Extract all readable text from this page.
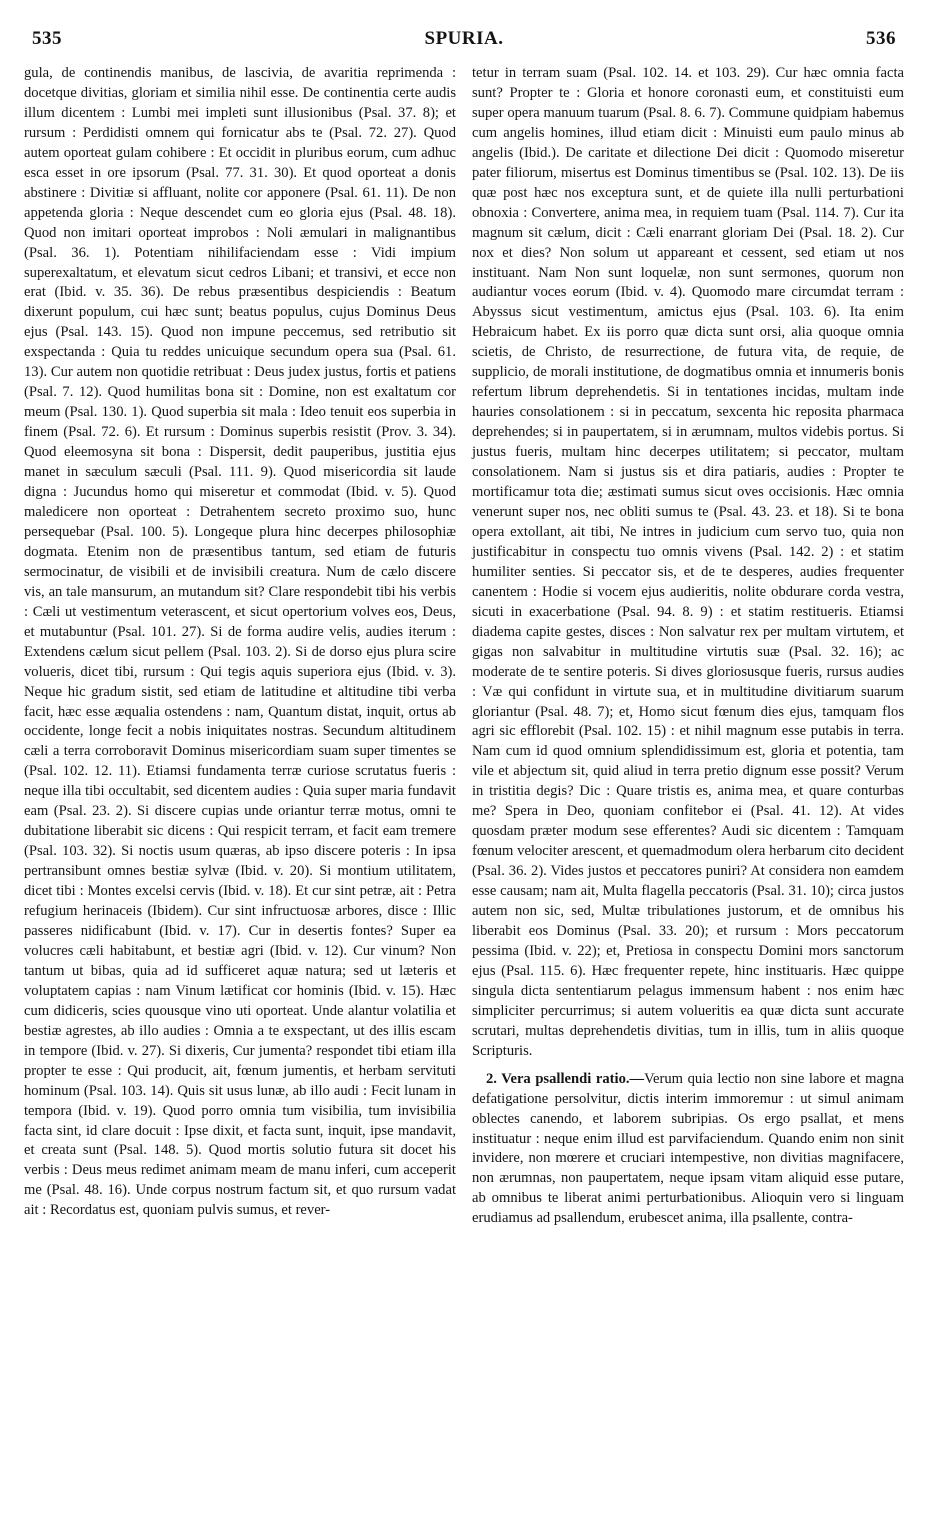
535	SPURIA.	536

gula, de continendis manibus, de lascivia, de avaritia reprimenda : docetque divitias, gloriam et similia nihil esse. De continentia certe audis illum dicentem : Lumbi mei impleti sunt illusionibus (Psal. 37. 8); et rursum : Perdidisti omnem qui fornicatur abs te (Psal. 72. 27). Quod autem oporteat gulam cohibere : Et occidit in pluribus eorum, cum adhuc esca esset in ore ipsorum (Psal. 77. 31. 30). Et quod oporteat a donis abstinere : Divitiæ si affluant, nolite cor apponere (Psal. 61. 11). De non appetenda gloria : Neque descendet cum eo gloria ejus (Psal. 48. 18). Quod non imitari oporteat improbos : Noli æmulari in malignantibus (Psal. 36. 1). Potentiam nihilifaciendam esse : Vidi impium superexaltatum, et elevatum sicut cedros Libani; et transivi, et ecce non erat (Ibid. v. 35. 36). De rebus præsentibus despiciendis : Beatum dixerunt populum, cui hæc sunt; beatus populus, cujus Dominus Deus ejus (Psal. 143. 15). Quod non impune peccemus, sed retributio sit exspectanda : Quia tu reddes unicuique secundum opera sua (Psal. 61. 13). Cur autem non quotidie retribuat : Deus judex justus, fortis et patiens (Psal. 7. 12). Quod humilitas bona sit : Domine, non est exaltatum cor meum (Psal. 130. 1). Quod superbia sit mala : Ideo tenuit eos superbia in finem (Psal. 72. 6). Et rursum : Dominus superbis resistit (Prov. 3. 34). Quod eleemosyna sit bona : Dispersit, dedit pauperibus, justitia ejus manet in sæculum sæculi (Psal. 111. 9). Quod misericordia sit laude digna : Jucundus homo qui miseretur et commodat (Ibid. v. 5). Quod maledicere non oporteat : Detrahentem secreto proximo suo, hunc persequebar (Psal. 100. 5). Longeque plura hinc decerpes philosophiæ dogmata. Etenim non de præsentibus tantum, sed etiam de futuris sermocinatur, de visibili et de invisibili creatura. Num de cælo discere vis, an tale mansurum, an mutandum sit? Clare respondebit tibi his verbis : Cæli ut vestimentum veterascent, et sicut opertorium volves eos, Deus, et mutabuntur (Psal. 101. 27). Si de forma audire velis, audies iterum : Extendens cælum sicut pellem (Psal. 103. 2). Si de dorso ejus plura scire volueris, dicet tibi, rursum : Qui tegis aquis superiora ejus (Ibid. v. 3). Neque hic gradum sistit, sed etiam de latitudine et altitudine tibi verba facit, hæc esse æqualia ostendens : nam, Quantum distat, inquit, ortus ab occidente, longe fecit a nobis iniquitates nostras. Secundum altitudinem cæli a terra corroboravit Dominus misericordiam suam super timentes se (Psal. 102. 12. 11). Etiamsi fundamenta terræ curiose scrutatus fueris : neque illa tibi occultabit, sed dicentem audies : Quia super maria fundavit eam (Psal. 23. 2). Si discere cupias unde oriantur terræ motus, omni te dubitatione liberabit sic dicens : Qui respicit terram, et facit eam tremere (Psal. 103. 32). Si noctis usum quæras, ab ipso discere poteris : In ipsa pertransibunt omnes bestiæ sylvæ (Ibid. v. 20). Si montium utilitatem, dicet tibi : Montes excelsi cervis (Ibid. v. 18). Et cur sint petræ, ait : Petra refugium herinaceis (Ibidem). Cur sint infructuosæ arbores, disce : Illic passeres nidificabunt (Ibid. v. 17). Cur in desertis fontes? Super ea volucres cæli habitabunt, et bestiæ agri (Ibid. v. 12). Cur vinum? Non tantum ut bibas, quia ad id sufficeret aquæ natura; sed ut læteris et voluptatem capias : nam Vinum lætificat cor hominis (Ibid. v. 15). Hæc cum didiceris, scies quousque vino uti oporteat. Unde alantur volatilia et bestiæ agrestes, ab illo audies : Omnia a te exspectant, ut des illis escam in tempore (Ibid. v. 27). Si dixeris, Cur jumenta? respondet tibi etiam illa propter te esse : Qui producit, ait, fœnum jumentis, et herbam servituti hominum (Psal. 103. 14). Quis sit usus lunæ, ab illo audi : Fecit lunam in tempora (Ibid. v. 19). Quod porro omnia tum visibilia, tum invisibilia facta sint, id clare docuit : Ipse dixit, et facta sunt, inquit, ipse mandavit, et creata sunt (Psal. 148. 5). Quod mortis solutio futura sit docet his verbis : Deus meus redimet animam meam de manu inferi, cum acceperit me (Psal. 48. 16). Unde corpus nostrum factum sit, et quo rursum vadat ait : Recordatus est, quoniam pulvis sumus, et rever-

tetur in terram suam (Psal. 102. 14. et 103. 29). Cur hæc omnia facta sunt? Propter te : Gloria et honore coronasti eum, et constituisti eum super opera manuum tuarum (Psal. 8. 6. 7). Commune quidpiam habemus cum angelis homines, illud etiam dicit : Minuisti eum paulo minus ab angelis (Ibid.). De caritate et dilectione Dei dicit : Quomodo miseretur pater filiorum, misertus est Dominus timentibus se (Psal. 102. 13). De iis quæ post hæc nos exceptura sunt, et de quiete illa nulli perturbationi obnoxia : Convertere, anima mea, in requiem tuam (Psal. 114. 7). Cur ita magnum sit cælum, dicit : Cæli enarrant gloriam Dei (Psal. 18. 2). Cur nox et dies? Non solum ut appareant et cessent, sed etiam ut nos instituant. Nam Non sunt loquelæ, non sunt sermones, quorum non audiantur voces eorum (Ibid. v. 4). Quomodo mare circumdat terram : Abyssus sicut vestimentum, amictus ejus (Psal. 103. 6). Ita enim Hebraicum habet. Ex iis porro quæ dicta sunt orsi, alia quoque omnia scietis, de Christo, de resurrectione, de futura vita, de requie, de supplicio, de morali institutione, de dogmatibus omnia et innumeris bonis refertum librum deprehendetis. Si in tentationes incidas, multam inde hauries consolationem : si in peccatum, sexcenta hic reposita pharmaca deprehendes; si in paupertatem, si in ærumnam, multos videbis portus. Si justus fueris, multam hinc decerpes utilitatem; si peccator, multam consolationem. Nam si justus sis et dira patiaris, audies : Propter te mortificamur tota die; æstimati sumus sicut oves occisionis. Hæc omnia venerunt super nos, nec obliti sumus te (Psal. 43. 23. et 18). Si te bona opera extollant, ait tibi, Ne intres in judicium cum servo tuo, quia non justificabitur in conspectu tuo omnis vivens (Psal. 142. 2) : et statim humiliter senties. Si peccator sis, et de te desperes, audies frequenter canentem : Hodie si vocem ejus audieritis, nolite obdurare corda vestra, sicuti in exacerbatione (Psal. 94. 8. 9) : et statim restitueris. Etiamsi diadema capite gestes, disces : Non salvatur rex per multam virtutem, et gigas non salvabitur in multitudine virtutis suæ (Psal. 32. 16); ac moderate de te sentire poteris. Si dives gloriosusque fueris, rursus audies : Væ qui confidunt in virtute sua, et in multitudine divitiarum suarum gloriantur (Psal. 48. 7); et, Homo sicut fœnum dies ejus, tamquam flos agri sic efflorebit (Psal. 102. 15) : et nihil magnum esse putabis in terra. Nam cum id quod omnium splendidissimum est, gloria et potentia, tam vile et abjectum sit, quid aliud in terra pretio dignum esse possit? Verum in tristitia degis? Dic : Quare tristis es, anima mea, et quare conturbas me? Spera in Deo, quoniam confitebor ei (Psal. 41. 12). At vides quosdam præter modum sese efferentes? Audi sic dicentem : Tamquam fœnum velociter arescent, et quemadmodum olera herbarum cito decident (Psal. 36. 2). Vides justos et peccatores puniri? At considera non eamdem esse causam; nam ait, Multa flagella peccatoris (Psal. 31. 10); circa justos autem non sic, sed, Multæ tribulationes justorum, et de omnibus his liberabit eos Dominus (Psal. 33. 20); et rursum : Mors peccatorum pessima (Ibid. v. 22); et, Pretiosa in conspectu Domini mors sanctorum ejus (Psal. 115. 6). Hæc frequenter repete, hinc instituaris. Hæc quippe singula dicta sententiarum pelagus immensum habent : nos enim hæc simpliciter percurrimus; si autem volueritis ea quæ dicta sunt accurate scrutari, multas deprehendetis divitias, tum in illis, tum in aliis quoque Scripturis.

2. Vera psallendi ratio.—Verum quia lectio non sine labore et magna defatigatione persolvitur, dictis interim immoremur : ut simul animam oblectes canendo, et laborem subripias. Os ergo psallat, et mens instituatur : neque enim illud est parvifaciendum. Quando enim non sinit invidere, non mœrere et cruciari intempestive, non divitias magnifacere, non ærumnas, non paupertatem, neque ipsam vitam aliquid esse putare, ab omnibus te liberat animi perturbationibus. Alioquin vero si linguam erudiamus ad psallendum, erubescet anima, illa psallente, contra-
